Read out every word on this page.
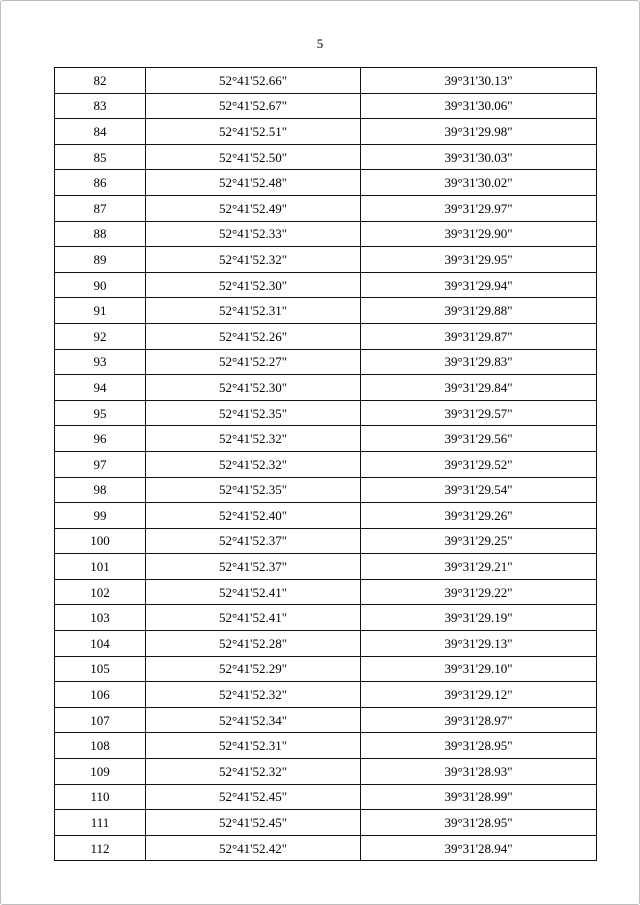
5
82	52°41'52.66"	39°31'30.13"
83	52°41'52.67"	39°31'30.06"
84	52°41'52.51"	39°31'29.98"
85	52°41'52.50"	39°31'30.03"
86	52°41'52.48"	39°31'30.02"
87	52°41'52.49"	39°31'29.97"
88	52°41'52.33"	39°31'29.90"
89	52°41'52.32"	39°31'29.95"
90	52°41'52.30"	39°31'29.94"
91	52°41'52.31"	39°31'29.88"
92	52°41'52.26"	39°31'29.87"
93	52°41'52.27"	39°31'29.83"
94	52°41'52.30"	39°31'29.84"
95	52°41'52.35"	39°31'29.57"
96	52°41'52.32"	39°31'29.56"
97	52°41'52.32"	39°31'29.52"
98	52°41'52.35"	39°31'29.54"
99	52°41'52.40"	39°31'29.26"
100	52°41'52.37"	39°31'29.25"
101	52°41'52.37"	39°31'29.21"
102	52°41'52.41"	39°31'29.22"
103	52°41'52.41"	39°31'29.19"
104	52°41'52.28"	39°31'29.13"
105	52°41'52.29"	39°31'29.10"
106	52°41'52.32"	39°31'29.12"
107	52°41'52.34"	39°31'28.97"
108	52°41'52.31"	39°31'28.95"
109	52°41'52.32"	39°31'28.93"
110	52°41'52.45"	39°31'28.99"
111	52°41'52.45"	39°31'28.95"
112	52°41'52.42"	39°31'28.94"
